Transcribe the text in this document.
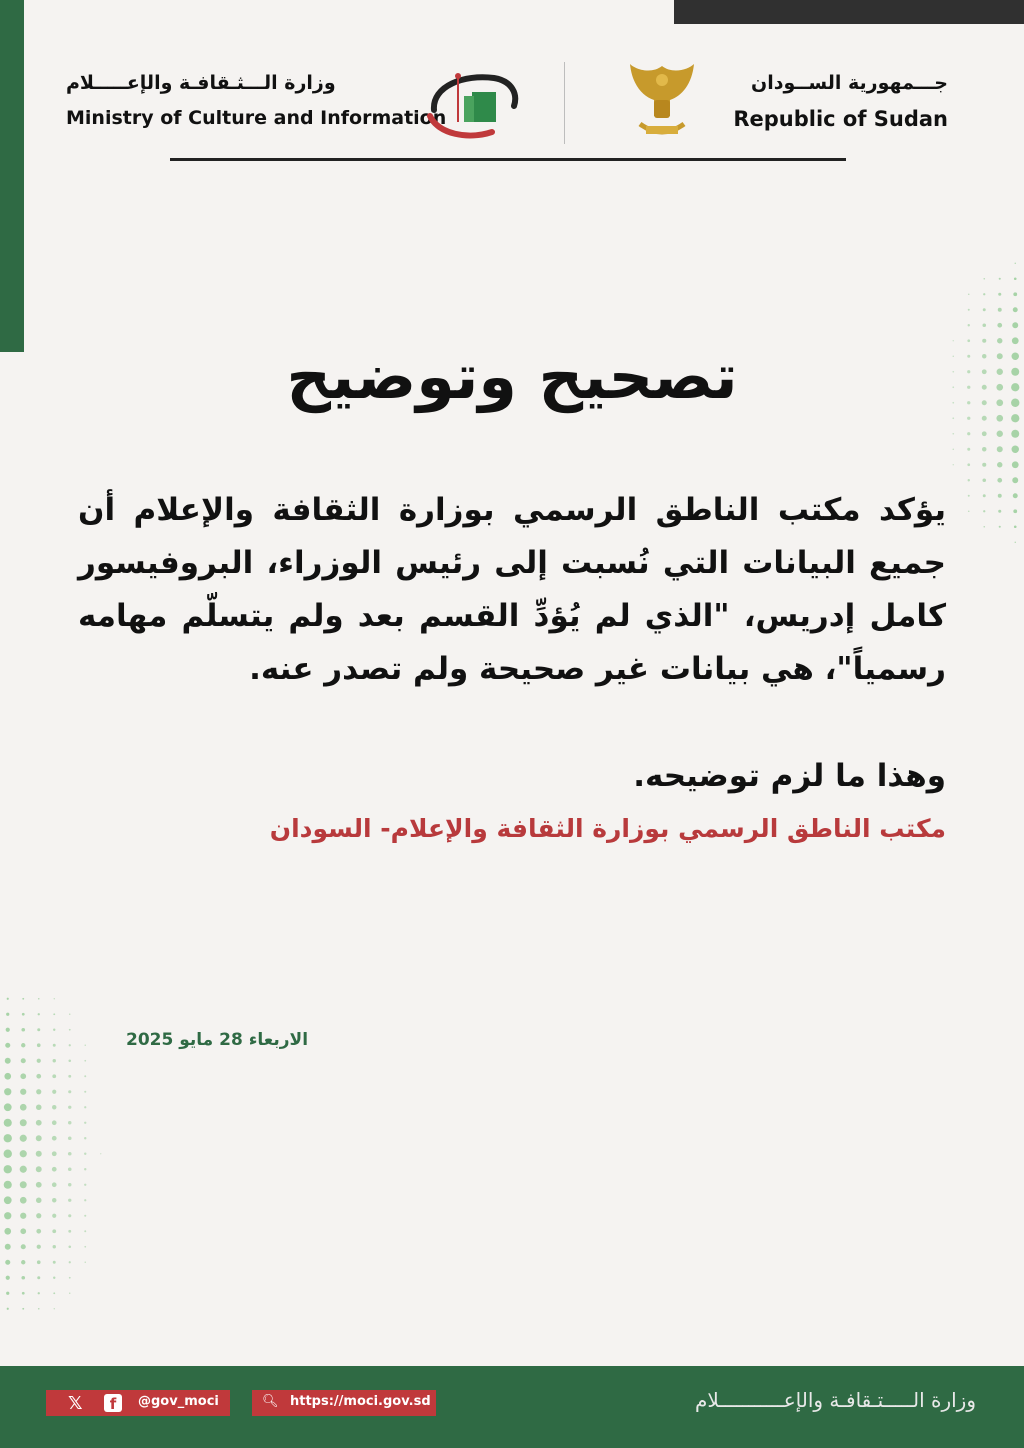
وزارة الـــثـقافـة والإعـــــلام
Ministry of Culture and Information
جـــمهورية الســودان
Republic of Sudan
تصحيح وتوضيح
يؤكد مكتب الناطق الرسمي بوزارة الثقافة والإعلام أن جميع البيانات التي نُسبت إلى رئيس الوزراء، البروفيسور كامل إدريس، "الذي لم يُؤدِّ القسم بعد ولم يتسلّم مهامه رسمياً"، هي بيانات غير صحيحة ولم تصدر عنه.
وهذا ما لزم توضيحه.
مكتب الناطق الرسمي بوزارة الثقافة والإعلام- السودان
الاربعاء 28 مايو 2025
𝕏	f	@gov_moci	🔍︎ https://moci.gov.sd	وزارة الـــــتـقافـة والإعـــــــــــلام
